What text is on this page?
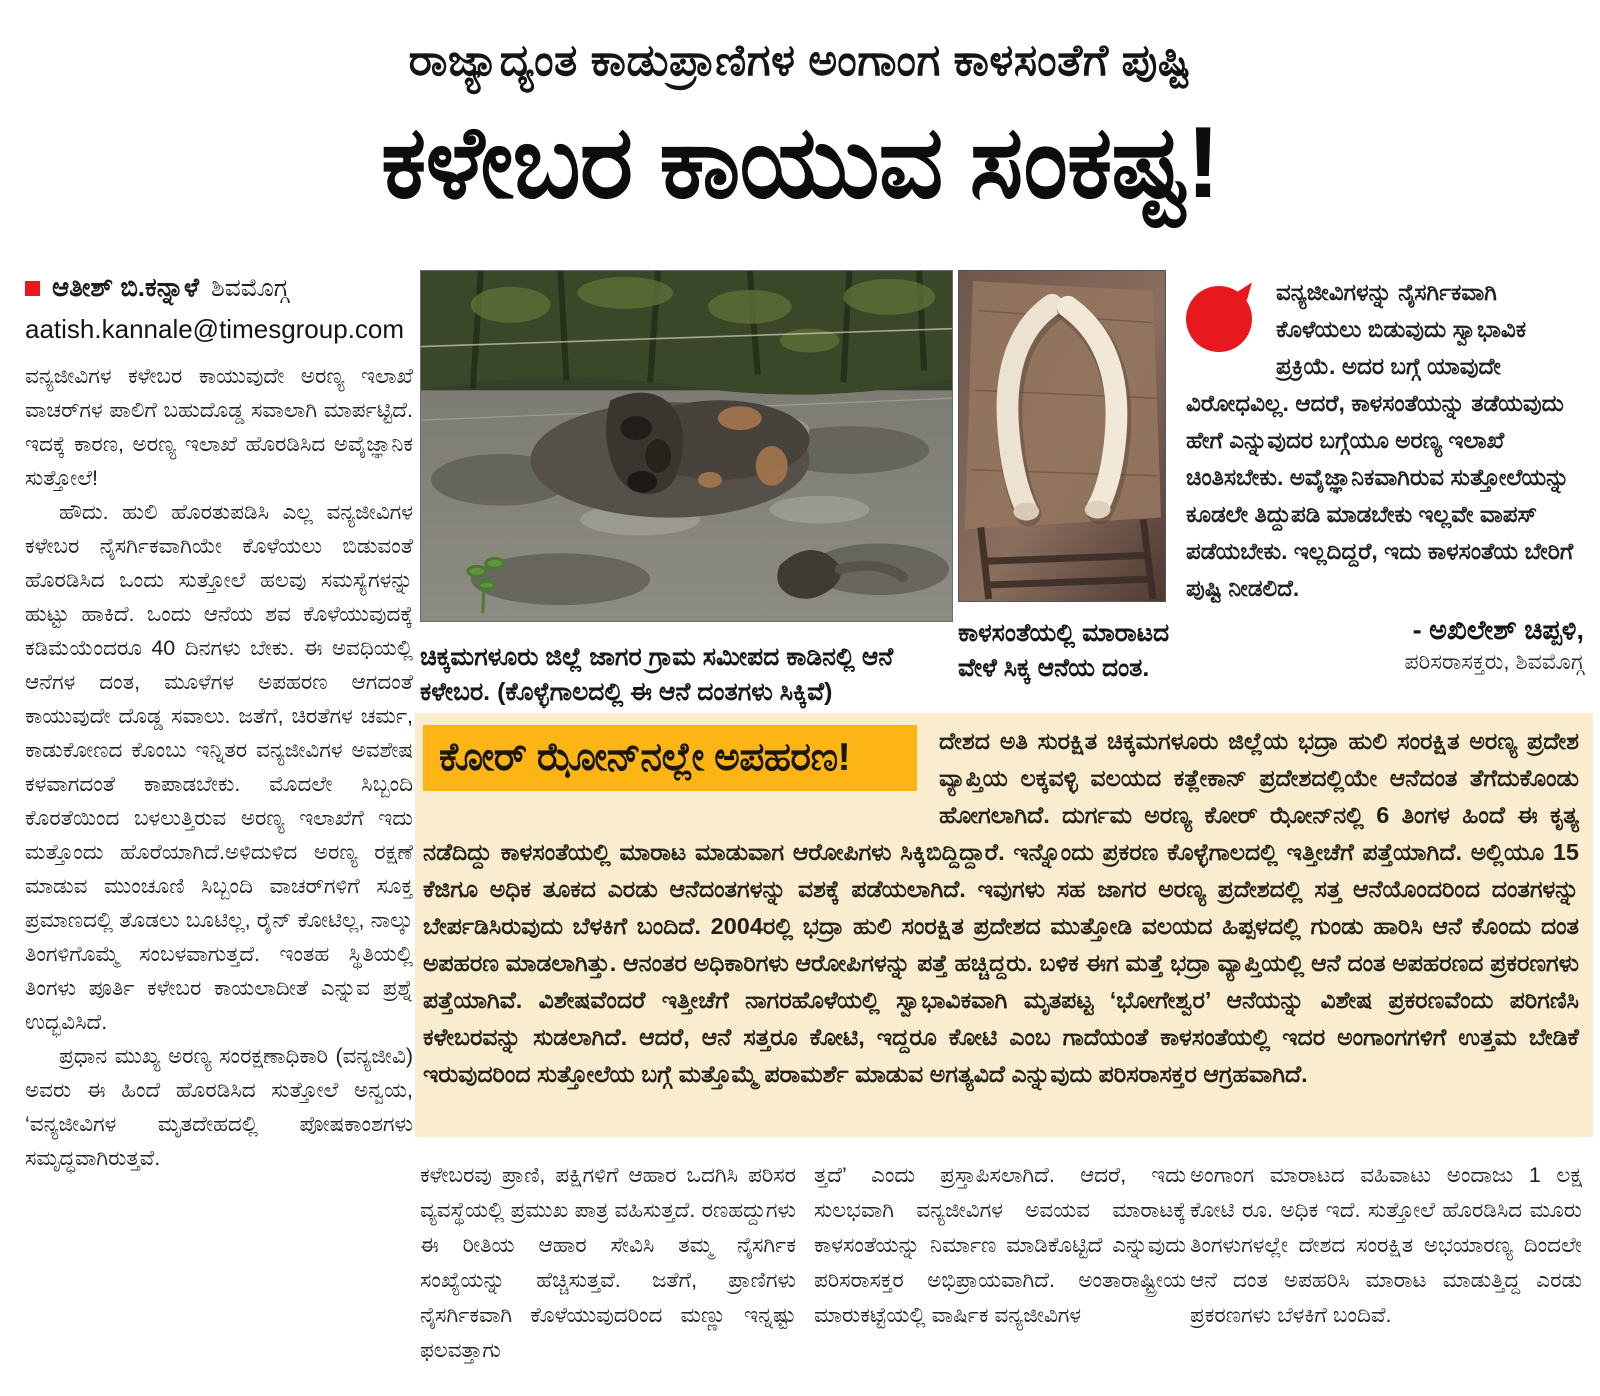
ರಾಜ್ಯಾದ್ಯಂತ ಕಾಡುಪ್ರಾಣಿಗಳ ಅಂಗಾಂಗ ಕಾಳಸಂತೆಗೆ ಪುಷ್ಟಿ
ಕಳೇಬರ ಕಾಯುವ ಸಂಕಷ್ಟ!
ಆತೀಶ್ ಬಿ.ಕನ್ನಾಳೆ ಶಿವಮೊಗ್ಗ
aatish.kannale@timesgroup.com

ವನ್ಯಜೀವಿಗಳ ಕಳೇಬರ ಕಾಯುವುದೇ ಅರಣ್ಯ ಇಲಾಖೆ ವಾಚರ್‌ಗಳ ಪಾಲಿಗೆ ಬಹುದೊಡ್ಡ ಸವಾಲಾಗಿ ಮಾರ್ಪಟ್ಟಿದೆ. ಇದಕ್ಕೆ ಕಾರಣ, ಅರಣ್ಯ ಇಲಾಖೆ ಹೊರಡಿಸಿದ ಅವೈಜ್ಞಾನಿಕ ಸುತ್ತೋಲೆ!

ಹೌದು. ಹುಲಿ ಹೊರತುಪಡಿಸಿ ಎಲ್ಲ ವನ್ಯಜೀವಿಗಳ ಕಳೇಬರ ನೈಸರ್ಗಿಕವಾಗಿಯೇ ಕೊಳೆಯಲು ಬಿಡುವಂತೆ ಹೊರಡಿಸಿದ ಒಂದು ಸುತ್ತೋಲೆ ಹಲವು ಸಮಸ್ಯೆಗಳನ್ನು ಹುಟ್ಟು ಹಾಕಿದೆ. ಒಂದು ಆನೆಯ ಶವ ಕೊಳೆಯುವುದಕ್ಕೆ ಕಡಿಮೆಯೆಂದರೂ 40 ದಿನಗಳು ಬೇಕು. ಈ ಅವಧಿಯಲ್ಲಿ ಆನೆಗಳ ದಂತ, ಮೂಳೆಗಳ ಅಪಹರಣ ಆಗದಂತೆ ಕಾಯುವುದೇ ದೊಡ್ಡ ಸವಾಲು. ಜತೆಗೆ, ಚಿರತೆಗಳ ಚರ್ಮ, ಕಾಡುಕೋಣದ ಕೊಂಬು ಇನ್ನಿತರ ವನ್ಯಜೀವಿಗಳ ಅವಶೇಷ ಕಳವಾಗದಂತೆ ಕಾಪಾಡಬೇಕು. ಮೊದಲೇ ಸಿಬ್ಬಂದಿ ಕೊರತೆಯಿಂದ ಬಳಲುತ್ತಿರುವ ಅರಣ್ಯ ಇಲಾಖೆಗೆ ಇದು ಮತ್ತೊಂದು ಹೊರೆಯಾಗಿದೆ.ಅಳಿದುಳಿದ ಅರಣ್ಯ ರಕ್ಷಣೆ ಮಾಡುವ ಮುಂಚೂಣಿ ಸಿಬ್ಬಂದಿ ವಾಚರ್‌ಗಳಿಗೆ ಸೂಕ್ತ ಪ್ರಮಾಣದಲ್ಲಿ ತೊಡಲು ಬೂಟಿಲ್ಲ, ರೈನ್ ಕೋಟಿಲ್ಲ, ನಾಲ್ಕು ತಿಂಗಳಿಗೊಮ್ಮೆ ಸಂಬಳವಾಗುತ್ತದೆ. ಇಂತಹ ಸ್ಥಿತಿಯಲ್ಲಿ ತಿಂಗಳು ಪೂರ್ತಿ ಕಳೇಬರ ಕಾಯಲಾದೀತೆ ಎನ್ನುವ ಪ್ರಶ್ನೆ ಉದ್ಭವಿಸಿದೆ.

ಪ್ರಧಾನ ಮುಖ್ಯ ಅರಣ್ಯ ಸಂರಕ್ಷಣಾಧಿಕಾರಿ (ವನ್ಯಜೀವಿ) ಅವರು ಈ ಹಿಂದೆ ಹೊರಡಿಸಿದ ಸುತ್ತೋಲೆ ಅನ್ವಯ, ‘ವನ್ಯಜೀವಿಗಳ ಮೃತದೇಹದಲ್ಲಿ ಪೋಷಕಾಂಶಗಳು ಸಮೃದ್ಧವಾಗಿರುತ್ತವೆ.

ಚಿಕ್ಕಮಗಳೂರು ಜಿಲ್ಲೆ ಜಾಗರ ಗ್ರಾಮ ಸಮೀಪದ ಕಾಡಿನಲ್ಲಿ ಆನೆ ಕಳೇಬರ. (ಕೊಳ್ಳೆಗಾಲದಲ್ಲಿ ಈ ಆನೆ ದಂತಗಳು ಸಿಕ್ಕಿವೆ)
ಕಾಳಸಂತೆಯಲ್ಲಿ ಮಾರಾಟದ ವೇಳೆ ಸಿಕ್ಕ ಆನೆಯ ದಂತ.
ವನ್ಯಜೀವಿಗಳನ್ನು ನೈಸರ್ಗಿಕವಾಗಿ ಕೊಳೆಯಲು ಬಿಡುವುದು ಸ್ವಾಭಾವಿಕ ಪ್ರಕ್ರಿಯೆ. ಅದರ ಬಗ್ಗೆ ಯಾವುದೇ ವಿರೋಧವಿಲ್ಲ. ಆದರೆ, ಕಾಳಸಂತೆಯನ್ನು ತಡೆಯವುದು ಹೇಗೆ ಎನ್ನುವುದರ ಬಗ್ಗೆಯೂ ಅರಣ್ಯ ಇಲಾಖೆ ಚಿಂತಿಸಬೇಕು. ಅವೈಜ್ಞಾನಿಕವಾಗಿರುವ ಸುತ್ತೋಲೆಯನ್ನು ಕೂಡಲೇ ತಿದ್ದುಪಡಿ ಮಾಡಬೇಕು ಇಲ್ಲವೇ ವಾಪಸ್ ಪಡೆಯಬೇಕು. ಇಲ್ಲದಿದ್ದರೆ, ಇದು ಕಾಳಸಂತೆಯ ಬೇರಿಗೆ ಪುಷ್ಟಿ ನೀಡಲಿದೆ.
- ಅಖಿಲೇಶ್ ಚಿಪ್ಪಳಿ,
ಪರಿಸರಾಸಕ್ತರು, ಶಿವಮೊಗ್ಗ
ಕೋರ್ ಝೋನ್‌ನಲ್ಲೇ ಅಪಹರಣ!	ದೇಶದ ಅತಿ ಸುರಕ್ಷಿತ ಚಿಕ್ಕಮಗಳೂರು ಜಿಲ್ಲೆಯ ಭದ್ರಾ ಹುಲಿ ಸಂರಕ್ಷಿತ ಅರಣ್ಯ ಪ್ರದೇಶ ವ್ಯಾಪ್ತಿಯ ಲಕ್ಕವಳ್ಳಿ ವಲಯದ ಕತ್ಲೇಕಾನ್ ಪ್ರದೇಶದಲ್ಲಿಯೇ ಆನೆದಂತ ತೆಗೆದುಕೊಂಡು ಹೋಗಲಾಗಿದೆ. ದುರ್ಗಮ ಅರಣ್ಯ ಕೋರ್ ಝೋನ್‌ನಲ್ಲಿ 6 ತಿಂಗಳ ಹಿಂದೆ ಈ ಕೃತ್ಯ ನಡೆದಿದ್ದು ಕಾಳಸಂತೆಯಲ್ಲಿ ಮಾರಾಟ ಮಾಡುವಾಗ ಆರೋಪಿಗಳು ಸಿಕ್ಕಿಬಿದ್ದಿದ್ದಾರೆ. ಇನ್ನೊಂದು ಪ್ರಕರಣ ಕೊಳ್ಳೆಗಾಲದಲ್ಲಿ ಇತ್ತೀಚೆಗೆ ಪತ್ತೆಯಾಗಿದೆ. ಅಲ್ಲಿಯೂ 15 ಕೆಜಿಗೂ ಅಧಿಕ ತೂಕದ ಎರಡು ಆನೆದಂತಗಳನ್ನು ವಶಕ್ಕೆ ಪಡೆಯಲಾಗಿದೆ. ಇವುಗಳು ಸಹ ಜಾಗರ ಅರಣ್ಯ ಪ್ರದೇಶದಲ್ಲಿ ಸತ್ತ ಆನೆಯೊಂದರಿಂದ ದಂತಗಳನ್ನು ಬೇರ್ಪಡಿಸಿರುವುದು ಬೆಳಕಿಗೆ ಬಂದಿದೆ. 2004ರಲ್ಲಿ ಭದ್ರಾ ಹುಲಿ ಸಂರಕ್ಷಿತ ಪ್ರದೇಶದ ಮುತ್ತೋಡಿ ವಲಯದ ಹಿಪ್ಪಳದಲ್ಲಿ ಗುಂಡು ಹಾರಿಸಿ ಆನೆ ಕೊಂದು ದಂತ ಅಪಹರಣ ಮಾಡಲಾಗಿತ್ತು. ಆನಂತರ ಅಧಿಕಾರಿಗಳು ಆರೋಪಿಗಳನ್ನು ಪತ್ತೆ ಹಚ್ಚಿದ್ದರು. ಬಳಿಕ ಈಗ ಮತ್ತೆ ಭದ್ರಾ ವ್ಯಾಪ್ತಿಯಲ್ಲಿ ಆನೆ ದಂತ ಅಪಹರಣದ ಪ್ರಕರಣಗಳು ಪತ್ತೆಯಾಗಿವೆ. ವಿಶೇಷವೆಂದರೆ ಇತ್ತೀಚೆಗೆ ನಾಗರಹೊಳೆಯಲ್ಲಿ ಸ್ವಾಭಾವಿಕವಾಗಿ ಮೃತಪಟ್ಟ ‘ಭೋಗೇಶ್ವರ’ ಆನೆಯನ್ನು ವಿಶೇಷ ಪ್ರಕರಣವೆಂದು ಪರಿಗಣಿಸಿ ಕಳೇಬರವನ್ನು ಸುಡಲಾಗಿದೆ. ಆದರೆ, ಆನೆ ಸತ್ತರೂ ಕೋಟಿ, ಇದ್ದರೂ ಕೋಟಿ ಎಂಬ ಗಾದೆಯಂತೆ ಕಾಳಸಂತೆಯಲ್ಲಿ ಇದರ ಅಂಗಾಂಗಗಳಿಗೆ ಉತ್ತಮ ಬೇಡಿಕೆ ಇರುವುದರಿಂದ ಸುತ್ತೋಲೆಯ ಬಗ್ಗೆ ಮತ್ತೊಮ್ಮೆ ಪರಾಮರ್ಶೆ ಮಾಡುವ ಅಗತ್ಯವಿದೆ ಎನ್ನುವುದು ಪರಿಸರಾಸಕ್ತರ ಆಗ್ರಹವಾಗಿದೆ.
ಕಳೇಬರವು ಪ್ರಾಣಿ, ಪಕ್ಷಿಗಳಿಗೆ ಆಹಾರ ಒದಗಿಸಿ ಪರಿಸರ ವ್ಯವಸ್ಥೆಯಲ್ಲಿ ಪ್ರಮುಖ ಪಾತ್ರ ವಹಿಸುತ್ತದೆ. ರಣಹದ್ದುಗಳು ಈ ರೀತಿಯ ಆಹಾರ ಸೇವಿಸಿ ತಮ್ಮ ನೈಸರ್ಗಿಕ ಸಂಖ್ಯೆಯನ್ನು ಹೆಚ್ಚಿಸುತ್ತವೆ. ಜತೆಗೆ, ಪ್ರಾಣಿಗಳು ನೈಸರ್ಗಿಕವಾಗಿ ಕೊಳೆಯುವುದರಿಂದ ಮಣ್ಣು ಇನ್ನಷ್ಟು ಫಲವತ್ತಾಗು
ತ್ತದೆ’ ಎಂದು ಪ್ರಸ್ತಾಪಿಸಲಾಗಿದೆ. ಆದರೆ, ಇದು ಸುಲಭವಾಗಿ ವನ್ಯಜೀವಿಗಳ ಅವಯವ ಮಾರಾಟಕ್ಕೆ ಕಾಳಸಂತೆಯನ್ನು ನಿರ್ಮಾಣ ಮಾಡಿಕೊಟ್ಟಿದೆ ಎನ್ನುವುದು ಪರಿಸರಾಸಕ್ತರ ಅಭಿಪ್ರಾಯವಾಗಿದೆ. ಅಂತಾರಾಷ್ಟ್ರೀಯ ಮಾರುಕಟ್ಟೆಯಲ್ಲಿ ವಾರ್ಷಿಕ ವನ್ಯಜೀವಿಗಳ
ಅಂಗಾಂಗ ಮಾರಾಟದ ವಹಿವಾಟು ಅಂದಾಜು 1 ಲಕ್ಷ ಕೋಟಿ ರೂ. ಅಧಿಕ ಇದೆ. ಸುತ್ತೋಲೆ ಹೊರಡಿಸಿದ ಮೂರು ತಿಂಗಳುಗಳಲ್ಲೇ ದೇಶದ ಸಂರಕ್ಷಿತ ಅಭಯಾರಣ್ಯ ದಿಂದಲೇ ಆನೆ ದಂತ ಅಪಹರಿಸಿ ಮಾರಾಟ ಮಾಡುತ್ತಿದ್ದ ಎರಡು ಪ್ರಕರಣಗಳು ಬೆಳಕಿಗೆ ಬಂದಿವೆ.
